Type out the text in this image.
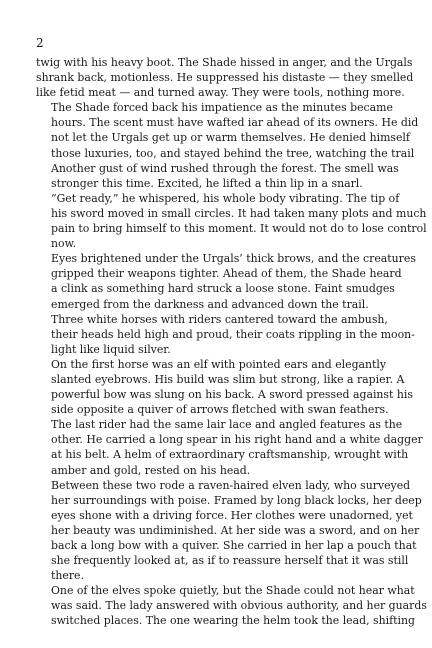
2

twig with his heavy boot. The Shade hissed in anger, and the Urgals
shrank back, motionless. He suppressed his distaste — they smelled
like fetid meat — and turned away. They were tools, nothing more.

The Shade forced back his impatience as the minutes became
hours. The scent must have wafted iar ahead of its owners. He did
not let the Urgals get up or warm themselves. He denied himself
those luxuries, too, and stayed behind the tree, watching the trail
Another gust of wind rushed through the forest. The smell was
stronger this time. Excited, he lifted a thin lip in a snarl.

“Get ready,” he whispered, his whole body vibrating. The tip of
his sword moved in small circles. It had taken many plots and much
pain to bring himself to this moment. It would not do to lose control
now.

Eyes brightened under the Urgals’ thick brows, and the creatures
gripped their weapons tighter. Ahead of them, the Shade heard
a clink as something hard struck a loose stone. Faint smudges
emerged from the darkness and advanced down the trail.

Three white horses with riders cantered toward the ambush,
their heads held high and proud, their coats rippling in the moon-
light like liquid silver.

On the first horse was an elf with pointed ears and elegantly
slanted eyebrows. His build was slim but strong, like a rapier. A
powerful bow was slung on his back. A sword pressed against his
side opposite a quiver of arrows fletched with swan feathers.

The last rider had the same lair lace and angled features as the
other. He carried a long spear in his right hand and a white dagger
at his belt. A helm of extraordinary craftsmanship, wrought with
amber and gold, rested on his head.

Between these two rode a raven-haired elven lady, who surveyed
her surroundings with poise. Framed by long black locks, her deep
eyes shone with a driving force. Her clothes were unadorned, yet
her beauty was undiminished. At her side was a sword, and on her
back a long bow with a quiver. She carried in her lap a pouch that
she frequently looked at, as if to reassure herself that it was still
there.

One of the elves spoke quietly, but the Shade could not hear what
was said. The lady answered with obvious authority, and her guards
switched places. The one wearing the helm took the lead, shifting
